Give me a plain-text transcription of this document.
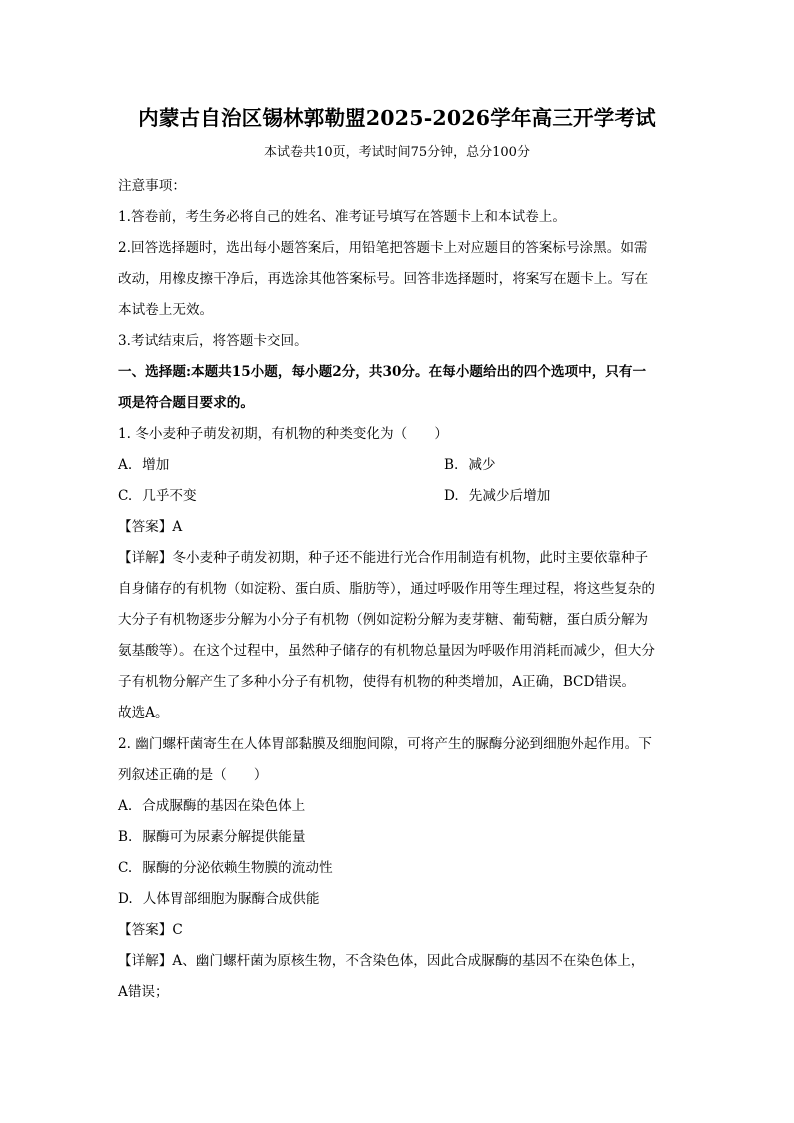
内蒙古自治区锡林郭勒盟2025-2026学年高三开学考试
本试卷共10页，考试时间75分钟，总分100分
注意事项：
1.答卷前，考生务必将自己的姓名、准考证号填写在答题卡上和本试卷上。
2.回答选择题时，选出每小题答案后，用铅笔把答题卡上对应题目的答案标号涂黑。如需
改动，用橡皮擦干净后，再选涂其他答案标号。回答非选择题时，将案写在题卡上。写在
本试卷上无效。
3.考试结束后，将答题卡交回。
一、选择题:本题共15小题，每小题2分，共30分。在每小题给出的四个选项中，只有一
项是符合题目要求的。
1. 冬小麦种子萌发初期，有机物的种类变化为（　　）
A. 增加	B. 减少
C. 几乎不变	D. 先减少后增加
【答案】A
【详解】冬小麦种子萌发初期，种子还不能进行光合作用制造有机物，此时主要依靠种子
自身储存的有机物（如淀粉、蛋白质、脂肪等），通过呼吸作用等生理过程，将这些复杂的
大分子有机物逐步分解为小分子有机物（例如淀粉分解为麦芽糖、葡萄糖，蛋白质分解为
氨基酸等）。在这个过程中，虽然种子储存的有机物总量因为呼吸作用消耗而减少，但大分
子有机物分解产生了多种小分子有机物，使得有机物的种类增加，A正确，BCD错误。
故选A。
2. 幽门螺杆菌寄生在人体胃部黏膜及细胞间隙，可将产生的脲酶分泌到细胞外起作用。下
列叙述正确的是（　　）
A. 合成脲酶的基因在染色体上
B. 脲酶可为尿素分解提供能量
C. 脲酶的分泌依赖生物膜的流动性
D. 人体胃部细胞为脲酶合成供能
【答案】C
【详解】A、幽门螺杆菌为原核生物，不含染色体，因此合成脲酶的基因不在染色体上，
A错误；
